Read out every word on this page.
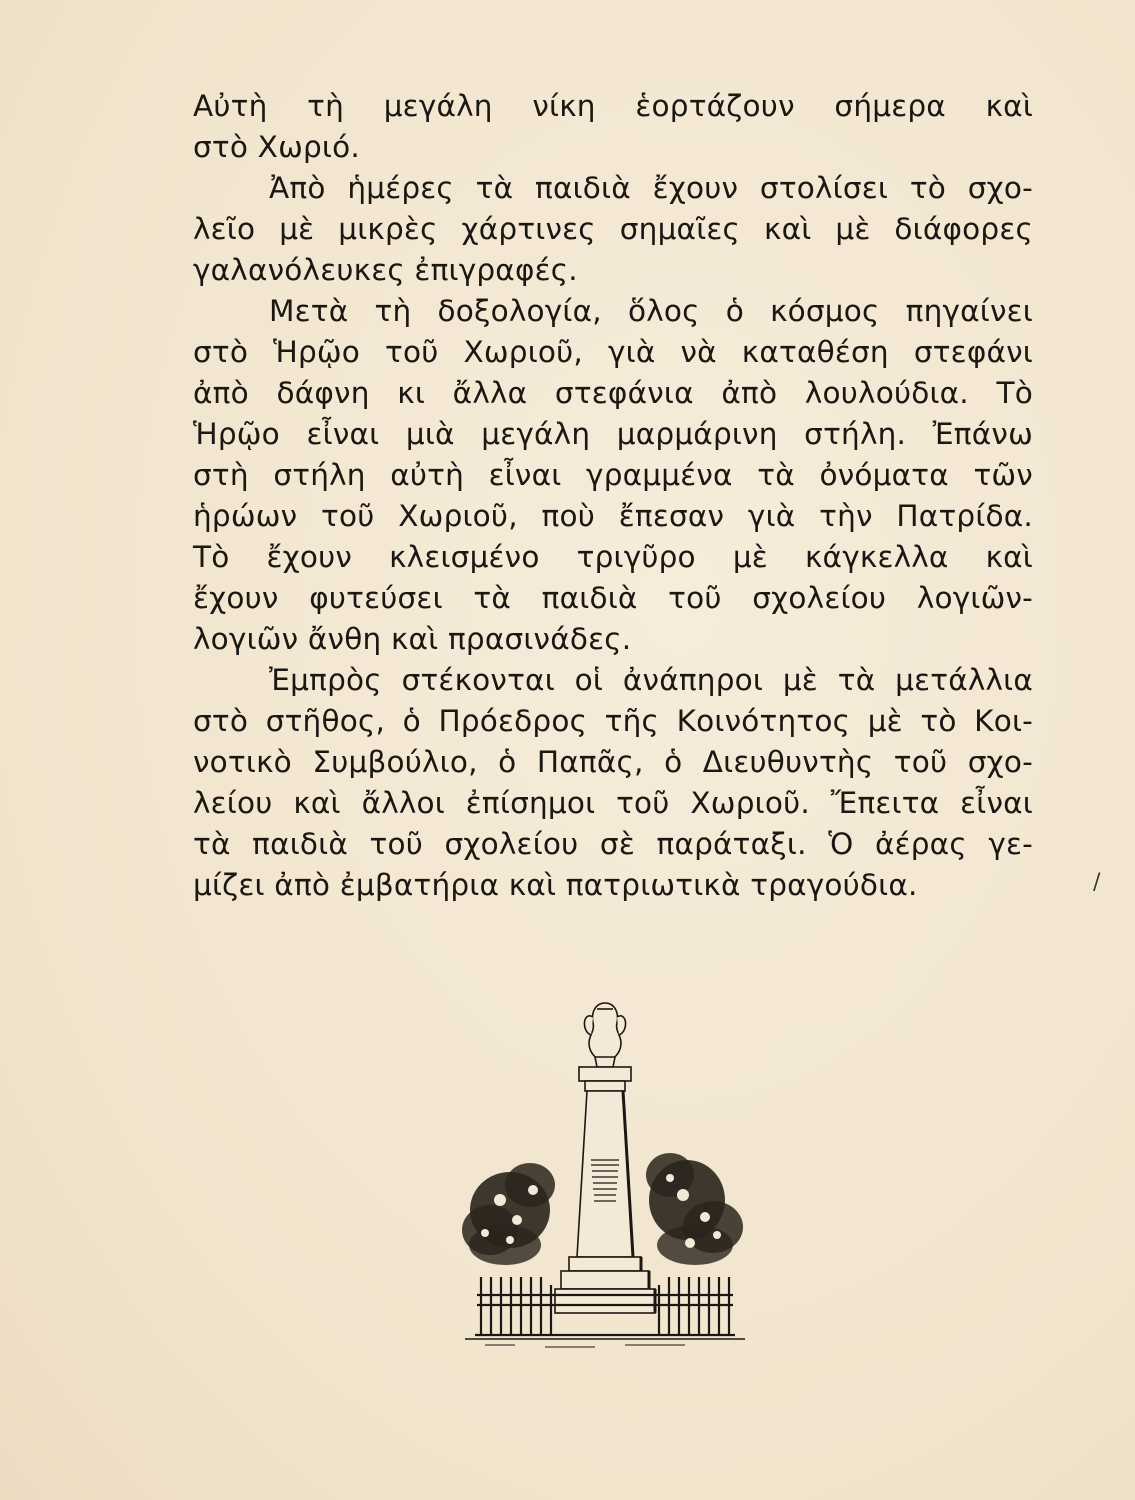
Αὐτὴ τὴ μεγάλη νίκη ἑορτάζουν σήμερα καὶ
στὸ Χωριό.
Ἀπὸ ἡμέρες τὰ παιδιὰ ἔχουν στολίσει τὸ σχο-
λεῖο μὲ μικρὲς χάρτινες σημαῖες καὶ μὲ διάφορες
γαλανόλευκες ἐπιγραφές.
Μετὰ τὴ δοξολογία, ὅλος ὁ κόσμος πηγαίνει
στὸ Ἡρῷο τοῦ Χωριοῦ, γιὰ νὰ καταθέση στεφάνι
ἀπὸ δάφνη κι ἄλλα στεφάνια ἀπὸ λουλούδια. Τὸ
Ἡρῷο εἶναι μιὰ μεγάλη μαρμάρινη στήλη. Ἐπάνω
στὴ στήλη αὐτὴ εἶναι γραμμένα τὰ ὀνόματα τῶν
ἡρώων τοῦ Χωριοῦ, ποὺ ἔπεσαν γιὰ τὴν Πατρίδα.
Τὸ ἔχουν κλεισμένο τριγῦρο μὲ κάγκελλα καὶ
ἔχουν φυτεύσει τὰ παιδιὰ τοῦ σχολείου λογιῶν-
λογιῶν ἄνθη καὶ πρασινάδες.
Ἐμπρὸς στέκονται οἱ ἀνάπηροι μὲ τὰ μετάλλια
στὸ στῆθος, ὁ Πρόεδρος τῆς Κοινότητος μὲ τὸ Κοι-
νοτικὸ Συμβούλιο, ὁ Παπᾶς, ὁ Διευθυντὴς τοῦ σχο-
λείου καὶ ἄλλοι ἐπίσημοι τοῦ Χωριοῦ. Ἔπειτα εἶναι
τὰ παιδιὰ τοῦ σχολείου σὲ παράταξι. Ὁ ἀέρας γε-
μίζει ἀπὸ ἐμβατήρια καὶ πατριωτικὰ τραγούδια.	/
